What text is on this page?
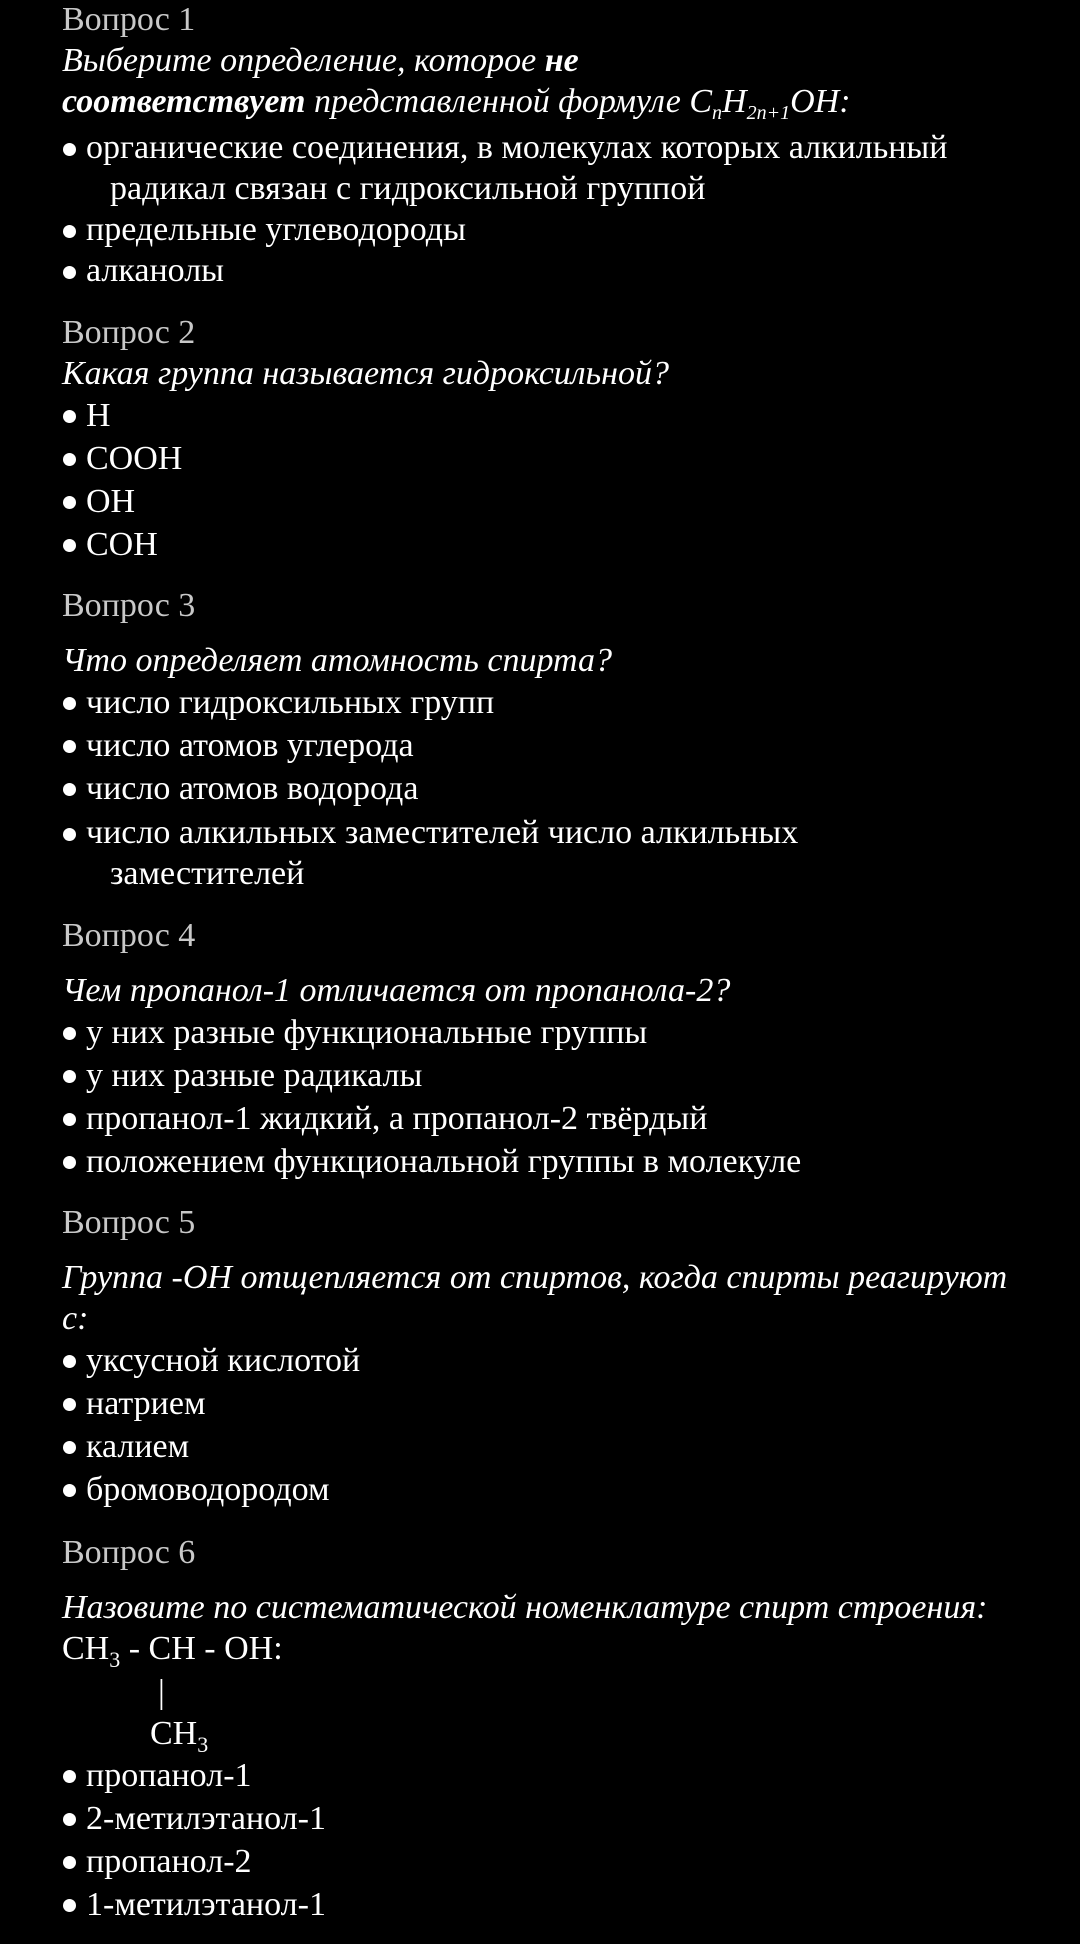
Вопрос 1
Выберите определение, которое не
соответствует представленной формуле $C_nH_{2n+1}OH$:
органические соединения, в молекулах которых алкильный
радикал связан с гидроксильной группой
предельные углеводороды
алканолы
Вопрос 2
Какая группа называется гидроксильной?
H
COOH
OH
COH
Вопрос 3
Что определяет атомность спирта?
число гидроксильных групп
число атомов углерода
число атомов водорода
число алкильных заместителей число алкильных
заместителей
Вопрос 4
Чем пропанол-1 отличается от пропанола-2?
у них разные функциональные группы
у них разные радикалы
пропанол-1 жидкий, а пропанол-2 твёрдый
положением функциональной группы в молекуле
Вопрос 5
Группа -OH отщепляется от спиртов, когда спирты реагируют
с:
уксусной кислотой
натрием
калием
бромоводородом
Вопрос 6
Назовите по систематической номенклатуре спирт строения:
$CH_3$ - CH - OH:
|
$CH_3$
пропанол-1
2-метилэтанол-1
пропанол-2
1-метилэтанол-1
